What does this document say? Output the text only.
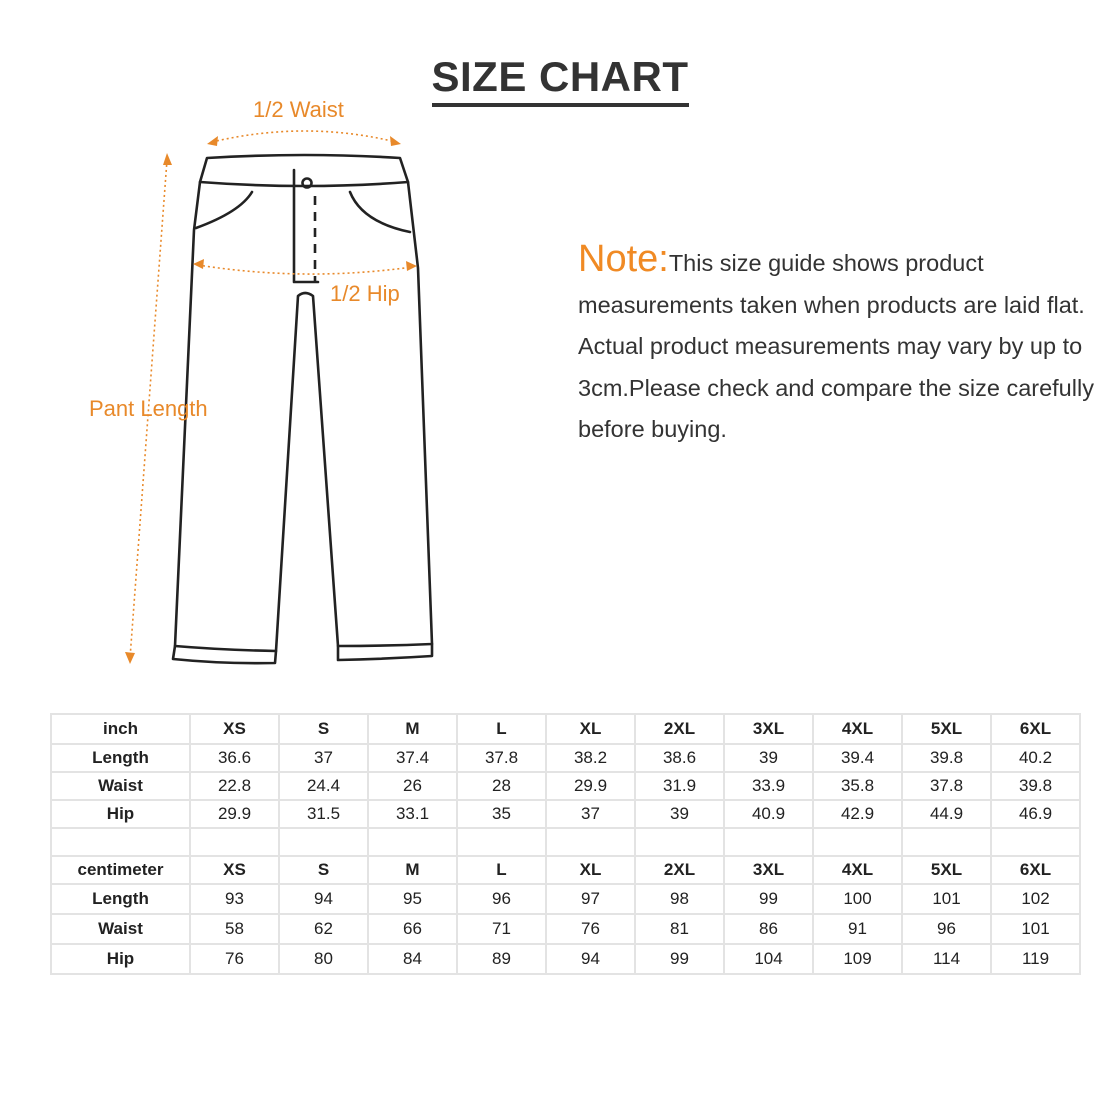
SIZE CHART
1/2 Waist
1/2 Hip
Pant Length
Note:This size guide shows product measurements taken when products are laid flat. Actual product measurements may vary by up to 3cm.Please check and compare the size carefully before buying.
inch	XS	S	M	L	XL	2XL	3XL	4XL	5XL	6XL
Length	36.6	37	37.4	37.8	38.2	38.6	39	39.4	39.8	40.2
Waist	22.8	24.4	26	28	29.9	31.9	33.9	35.8	37.8	39.8
Hip	29.9	31.5	33.1	35	37	39	40.9	42.9	44.9	46.9

centimeter	XS	S	M	L	XL	2XL	3XL	4XL	5XL	6XL
Length	93	94	95	96	97	98	99	100	101	102
Waist	58	62	66	71	76	81	86	91	96	101
Hip	76	80	84	89	94	99	104	109	114	119
